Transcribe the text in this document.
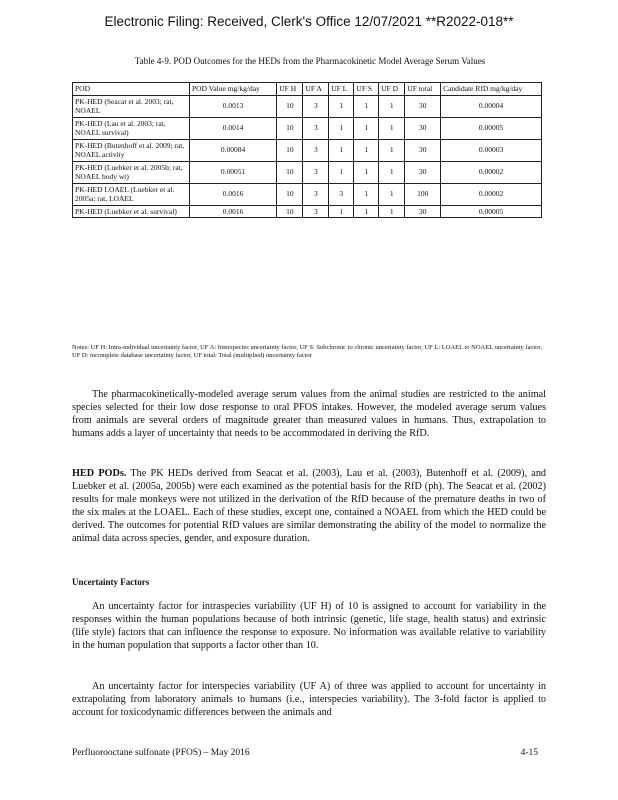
Electronic Filing: Received, Clerk's Office 12/07/2021 **R2022-018**
Table 4-9. POD Outcomes for the HEDs from the Pharmacokinetic Model Average Serum Values
POD	POD Value mg/kg/day	UF H	UF A	UF L	UF S	UF D	UF total	Candidate RfD mg/kg/day
PK-HED (Seacat et al. 2003; rat, NOAEL	0.0013	10	3	1	1	1	30	0.00004
PK-HED (Lau et al. 2003; rat, NOAEL survival)	0.0014	10	3	1	1	1	30	0.00005
PK-HED (Butenhoff et al. 2009; rat, NOAEL activity	0.00084	10	3	1	1	1	30	0.00003
PK-HED (Luebker et al. 2005b; rat, NOAEL body wt)	0.00051	10	3	1	1	1	30	0.00002
PK-HED LOAEL (Luebker et al. 2005a; rat, LOAEL	0.0016	10	3	3	1	1	100	0.00002
PK-HED (Luebker et al. survival)	0.0016	10	3	1	1	1	30	0.00005
Notes: UF H: Intra-individual uncertainty factor, UF A: Interspecies uncertainty factor, UF S: Subchronic to chronic uncertainty factor, UF L: LOAEL to NOAEL uncertainty factor, UF D: incomplete database uncertainty factor, UF total: Total (multiplied) uncertainty factor

The pharmacokinetically-modeled average serum values from the animal studies are restricted to the animal species selected for their low dose response to oral PFOS intakes. However, the modeled average serum values from animals are several orders of magnitude greater than measured values in humans. Thus, extrapolation to humans adds a layer of uncertainty that needs to be accommodated in deriving the RfD.

HED PODs. The PK HEDs derived from Seacat et al. (2003), Lau et al. (2003), Butenhoff et al. (2009), and Luebker et al. (2005a, 2005b) were each examined as the potential basis for the RfD (ph). The Seacat et al. (2002) results for male monkeys were not utilized in the derivation of the RfD because of the premature deaths in two of the six males at the LOAEL. Each of these studies, except one, contained a NOAEL from which the HED could be derived. The outcomes for potential RfD values are similar demonstrating the ability of the model to normalize the animal data across species, gender, and exposure duration.

Uncertainty Factors

An uncertainty factor for intraspecies variability (UF H) of 10 is assigned to account for variability in the responses within the human populations because of both intrinsic (genetic, life stage, health status) and extrinsic (life style) factors that can influence the response to exposure. No information was available relative to variability in the human population that supports a factor other than 10.

An uncertainty factor for interspecies variability (UF A) of three was applied to account for uncertainty in extrapolating from laboratory animals to humans (i.e., interspecies variability). The 3-fold factor is applied to account for toxicodynamic differences between the animals and

Perfluorooctane sulfonate (PFOS) – May 2016	4-15
